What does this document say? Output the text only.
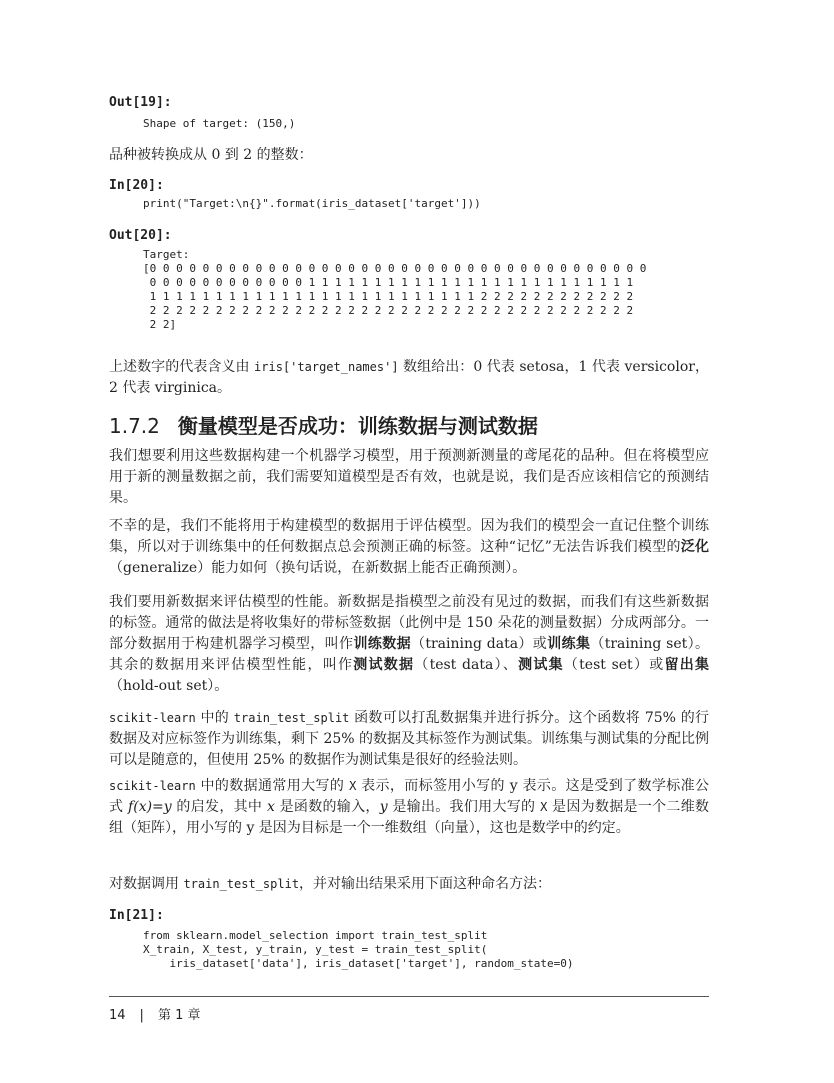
Out[19]:
Shape of target: (150,)
品种被转换成从 0 到 2 的整数：
In[20]:
print("Target:\n{}".format(iris_dataset['target']))
Out[20]:
Target:
[0 0 0 0 0 0 0 0 0 0 0 0 0 0 0 0 0 0 0 0 0 0 0 0 0 0 0 0 0 0 0 0 0 0 0 0 0 0
0 0 0 0 0 0 0 0 0 0 0 0 1 1 1 1 1 1 1 1 1 1 1 1 1 1 1 1 1 1 1 1 1 1 1 1 1
1 1 1 1 1 1 1 1 1 1 1 1 1 1 1 1 1 1 1 1 1 1 1 1 1 2 2 2 2 2 2 2 2 2 2 2 2
2 2 2 2 2 2 2 2 2 2 2 2 2 2 2 2 2 2 2 2 2 2 2 2 2 2 2 2 2 2 2 2 2 2 2 2 2
2 2]
上述数字的代表含义由 iris['target_names'] 数组给出：0 代表 setosa，1 代表 versicolor，2 代表 virginica。
1.7.2 衡量模型是否成功：训练数据与测试数据
我们想要利用这些数据构建一个机器学习模型，用于预测新测量的鸢尾花的品种。但在将模型应用于新的测量数据之前，我们需要知道模型是否有效，也就是说，我们是否应该相信它的预测结果。
不幸的是，我们不能将用于构建模型的数据用于评估模型。因为我们的模型会一直记住整个训练集，所以对于训练集中的任何数据点总会预测正确的标签。这种“记忆”无法告诉我们模型的泛化（generalize）能力如何（换句话说，在新数据上能否正确预测）。
我们要用新数据来评估模型的性能。新数据是指模型之前没有见过的数据，而我们有这些新数据的标签。通常的做法是将收集好的带标签数据（此例中是 150 朵花的测量数据）分成两部分。一部分数据用于构建机器学习模型，叫作训练数据（training data）或训练集（training set）。其余的数据用来评估模型性能，叫作测试数据（test data）、测试集（test set）或留出集（hold-out set）。
scikit-learn 中的 train_test_split 函数可以打乱数据集并进行拆分。这个函数将 75% 的行数据及对应标签作为训练集，剩下 25% 的数据及其标签作为测试集。训练集与测试集的分配比例可以是随意的，但使用 25% 的数据作为测试集是很好的经验法则。
scikit-learn 中的数据通常用大写的 X 表示，而标签用小写的 y 表示。这是受到了数学标准公式 f(x)=y 的启发，其中 x 是函数的输入，y 是输出。我们用大写的 X 是因为数据是一个二维数组（矩阵），用小写的 y 是因为目标是一个一维数组（向量），这也是数学中的约定。
对数据调用 train_test_split，并对输出结果采用下面这种命名方法：
In[21]:
from sklearn.model_selection import train_test_split
X_train, X_test, y_train, y_test = train_test_split(
iris_dataset['data'], iris_dataset['target'], random_state=0)
14 | 第 1 章
